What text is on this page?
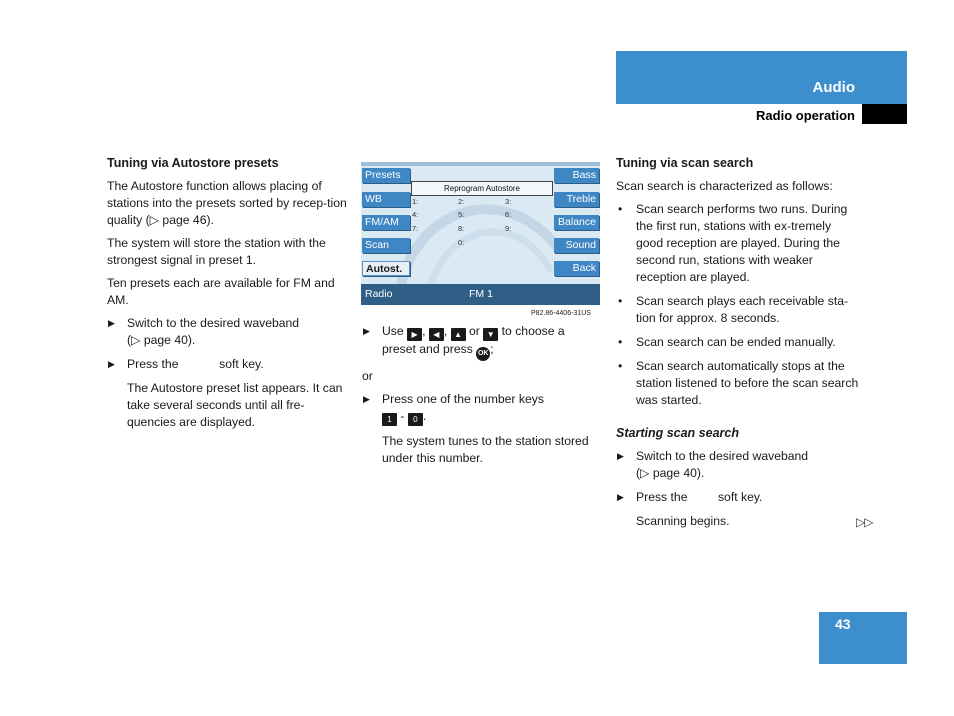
Audio
Radio operation
Tuning via Autostore presets

The Autostore function allows placing of stations into the presets sorted by recep-tion quality (▷ page 46).

The system will store the station with the strongest signal in preset 1.

Ten presets each are available for FM and AM.

▶ Switch to the desired waveband
(▷ page 40).
▶ Press the            soft key.
The Autostore preset list appears. It can take several seconds until all fre-quencies are displayed.
Presets
WB
FM/AM
Scan
Autost.
Bass
Treble
Balance
Sound
Back
Reprogram Autostore
1:	2:	3:
4:	5:	6:
7:	8:	9:
0:
Radio	FM 1
P82.86-4406-31US
▶ Use ▶ , ◀ , ▲ or ▼ to choose a
preset and press OK ;

or

▶ Press one of the number keys
1 - 0 .
The system tunes to the station stored under this number.
Tuning via scan search

Scan search is characterized as follows:

• Scan search performs two runs. During the first run, stations with ex-tremely good reception are played. During the second run, stations with weaker reception are played.
• Scan search plays each receivable sta-tion for approx. 8 seconds.
• Scan search can be ended manually.
• Scan search automatically stops at the station listened to before the scan search was started.
Starting scan search
▶ Switch to the desired waveband
(▷ page 40).
▶ Press the         soft key.
Scanning begins.	▷▷
43
